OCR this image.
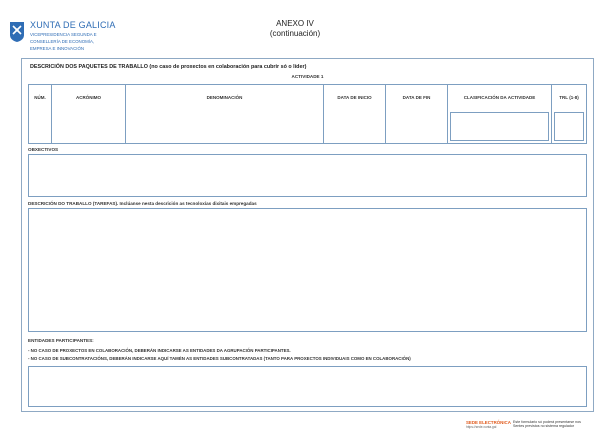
XUNTA DE GALICIA
VICEPRESIDENCIA SEGUNDA E
CONSELLERÍA DE ECONOMÍA,
EMPRESA E INNOVACIÓN
ANEXO IV
(continuación)
DESCRICIÓN DOS PAQUETES DE TRABALLO (no caso de proxectos en colaboración para cubrir só o líder)
ACTIVIDADE 1
NÚM.	ACRÓNIMO	DENOMINACIÓN	DATA DE INICIO	DATA DE FIN	CLASIFICACIÓN DA ACTIVIDADE	TRL (1-8)
OBXECTIVOS
DESCRICIÓN DO TRABALLO (TAREFAS). Inclúanse nesta descrición as tecnoloxías dixitais empregadas
ENTIDADES PARTICIPANTES:
- NO CASO DE PROXECTOS EN COLABORACIÓN, DEBERÁN INDICARSE AS ENTIDADES DA AGRUPACIÓN PARTICIPANTES.
- NO CASO DE SUBCONTRATACIÓNS, DEBERÁN INDICARSE AQUÍ TAMÉN AS ENTIDADES SUBCONTRATADAS (TANTO PARA PROXECTOS INDIVIDUAIS COMO EN COLABORACIÓN)
SEDE ELECTRÓNICA
https://sede.xunta.gal
Este formulario só poderá presentarse nos
Sentes previstos no sistema regulador
